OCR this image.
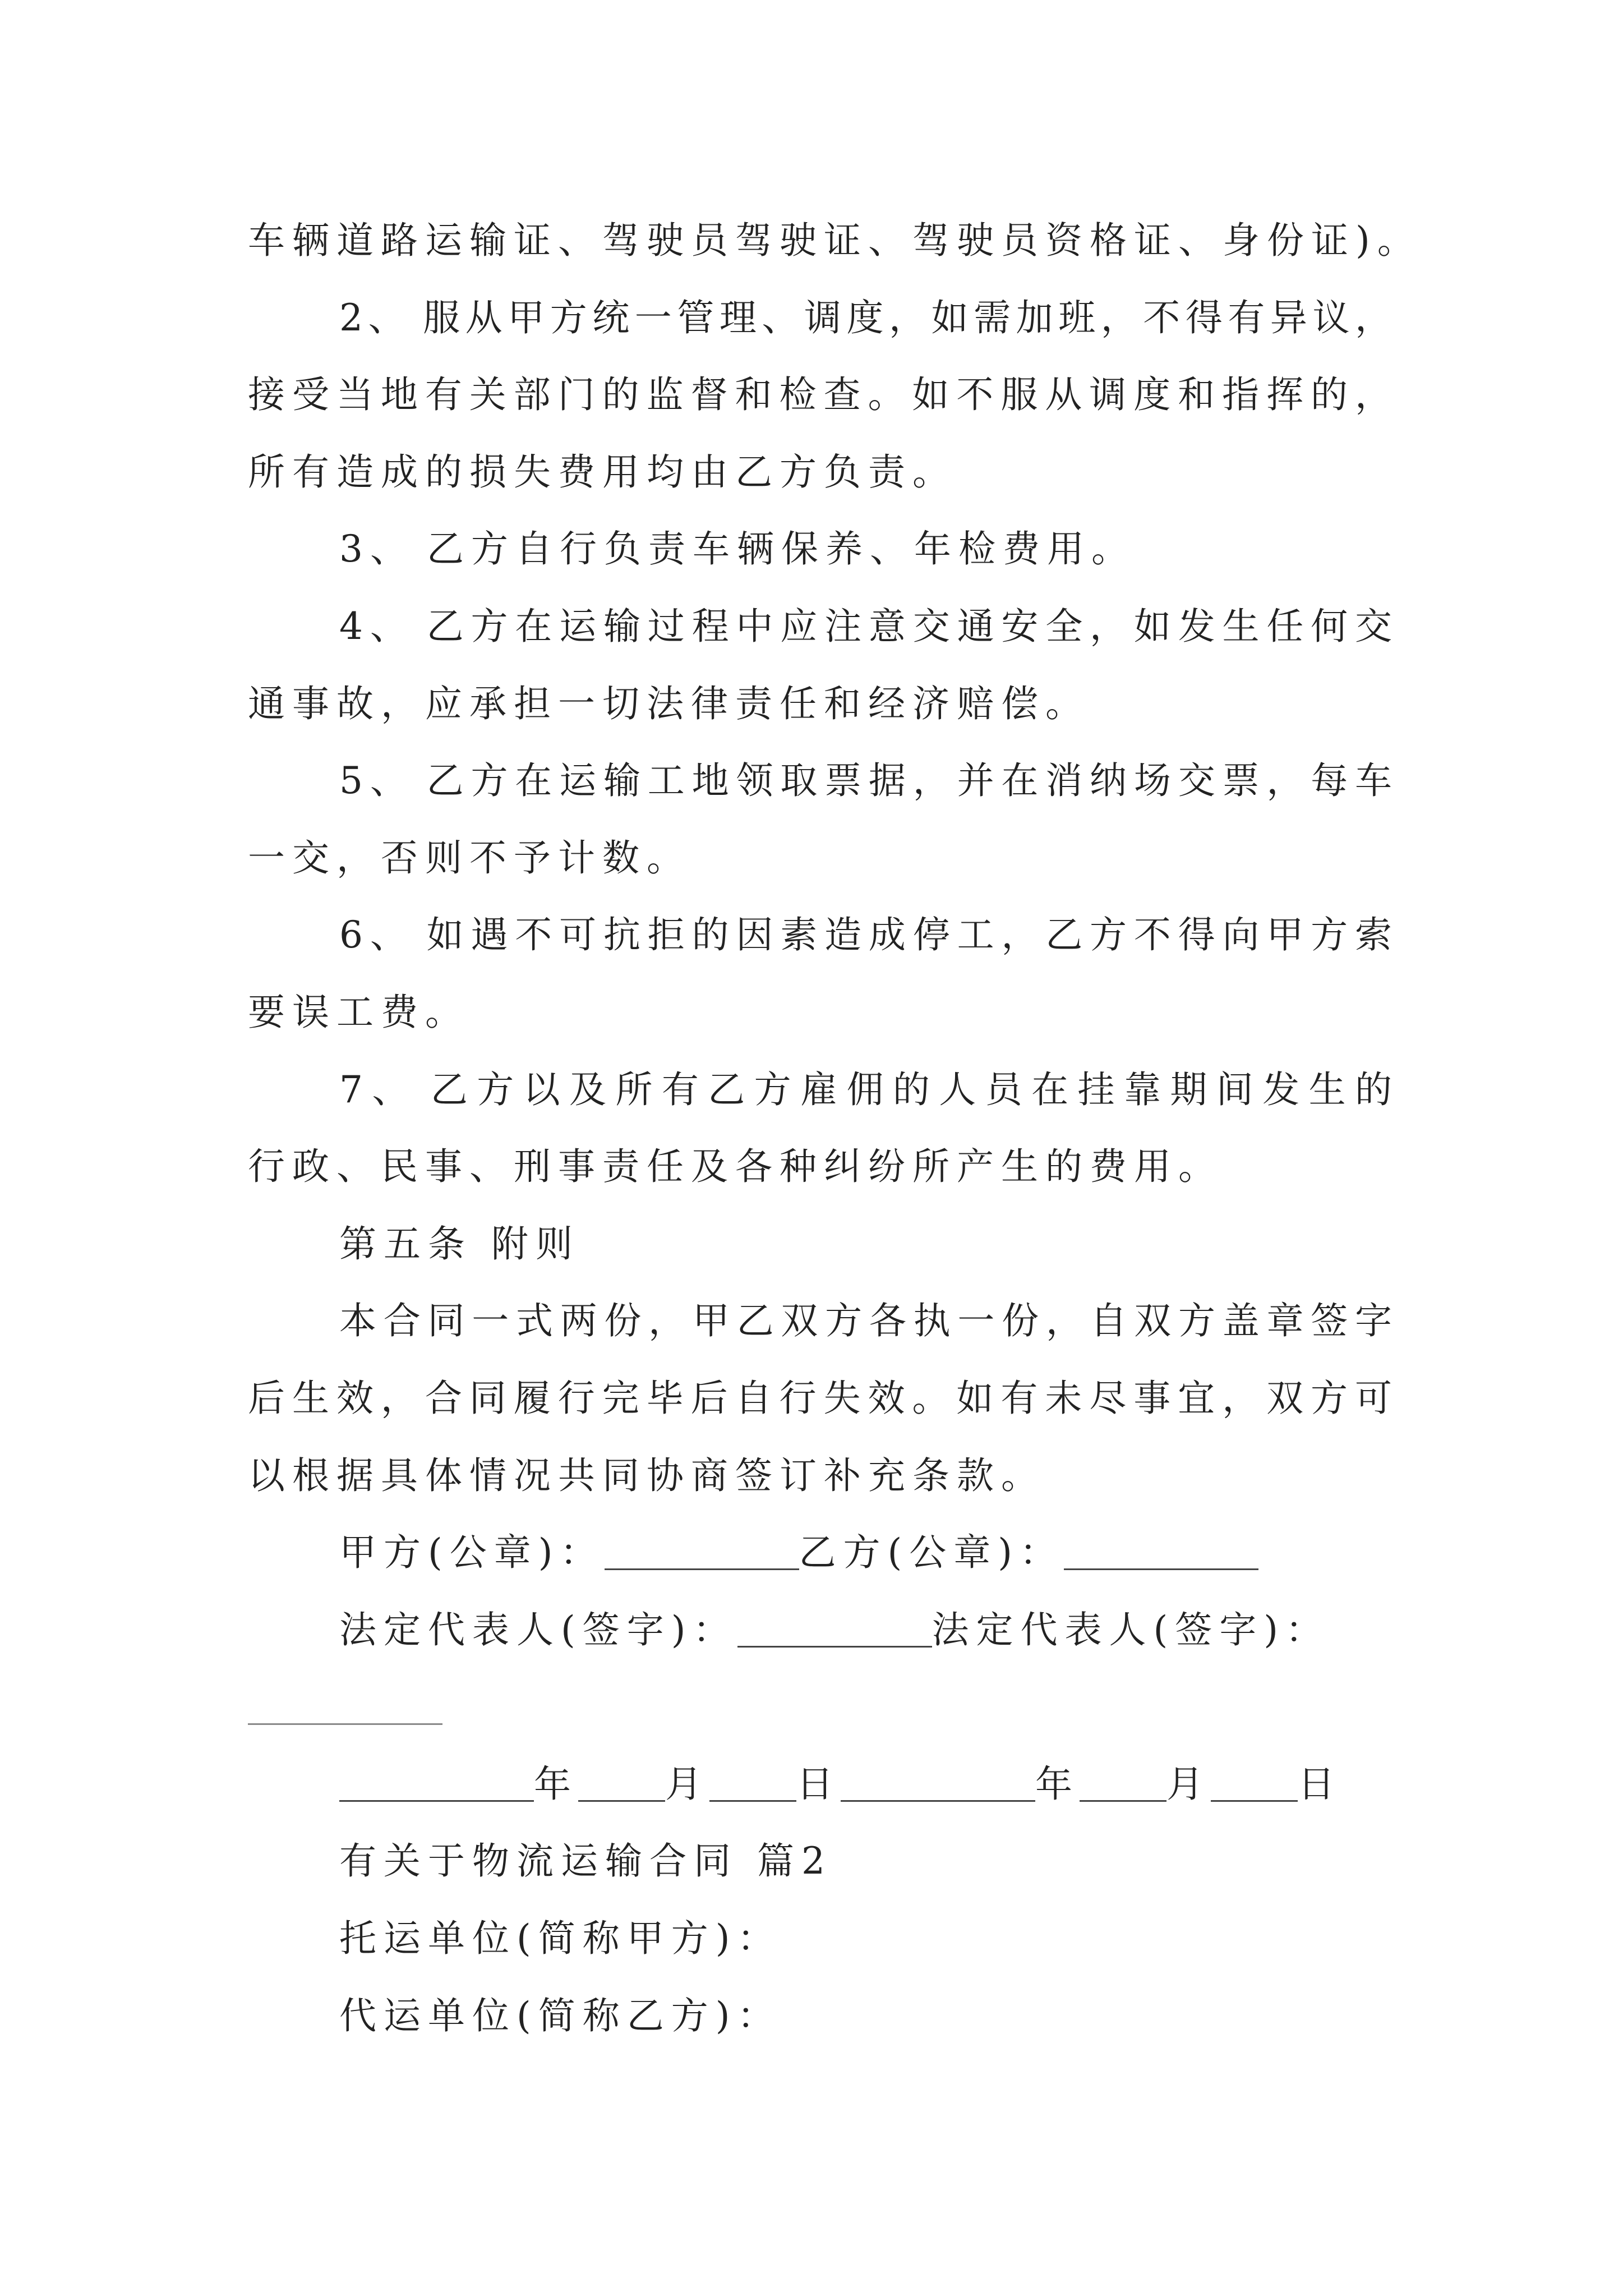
车辆道路运输证、驾驶员驾驶证、驾驶员资格证、身份证)。
2、 服从甲方统一管理、调度，如需加班，不得有异议，
接受当地有关部门的监督和检查。如不服从调度和指挥的，
所有造成的损失费用均由乙方负责。
3、 乙方自行负责车辆保养、年检费用。
4、 乙方在运输过程中应注意交通安全，如发生任何交
通事故，应承担一切法律责任和经济赔偿。
5、 乙方在运输工地领取票据，并在消纳场交票，每车
一交，否则不予计数。
6、 如遇不可抗拒的因素造成停工，乙方不得向甲方索
要误工费。
7、 乙方以及所有乙方雇佣的人员在挂靠期间发生的
行政、民事、刑事责任及各种纠纷所产生的费用。
第五条 附则
本合同一式两份，甲乙双方各执一份，自双方盖章签字
后生效，合同履行完毕后自行失效。如有未尽事宜，双方可
以根据具体情况共同协商签订补充条款。
甲方(公章)：	乙方(公章)：
法定代表人(签字)：	法定代表人(签字)：
年 月 日	年 月 日
有关于物流运输合同 篇2
托运单位(简称甲方)：
代运单位(简称乙方)：
